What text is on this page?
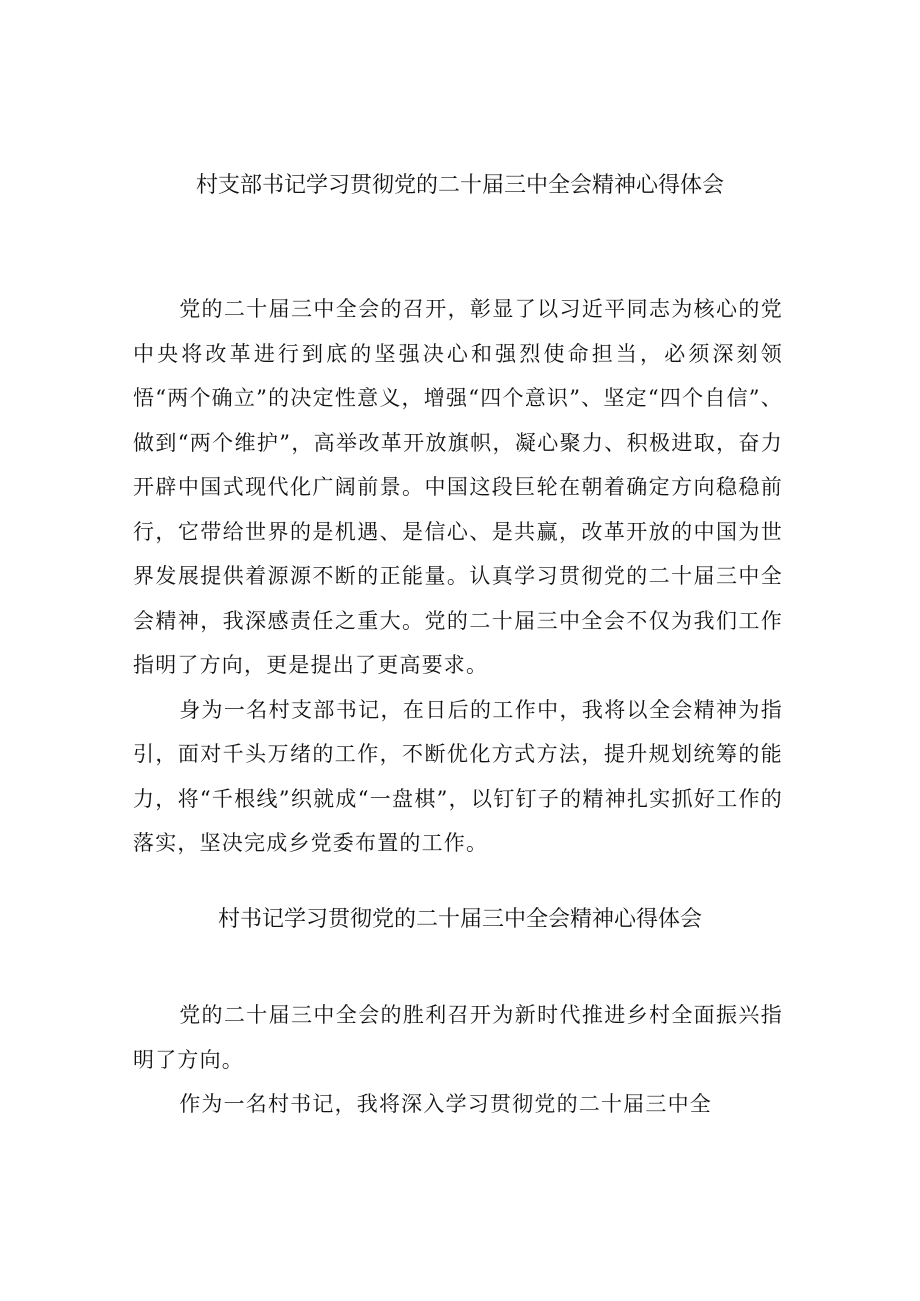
村支部书记学习贯彻党的二十届三中全会精神心得体会

党的二十届三中全会的召开，彰显了以习近平同志为核心的党中央将改革进行到底的坚强决心和强烈使命担当，必须深刻领悟“两个确立”的决定性意义，增强“四个意识”、坚定“四个自信”、做到“两个维护”，高举改革开放旗帜，凝心聚力、积极进取，奋力开辟中国式现代化广阔前景。中国这段巨轮在朝着确定方向稳稳前行，它带给世界的是机遇、是信心、是共赢，改革开放的中国为世界发展提供着源源不断的正能量。认真学习贯彻党的二十届三中全会精神，我深感责任之重大。党的二十届三中全会不仅为我们工作指明了方向，更是提出了更高要求。

身为一名村支部书记，在日后的工作中，我将以全会精神为指引，面对千头万绪的工作，不断优化方式方法，提升规划统筹的能力，将“千根线”织就成“一盘棋”，以钉钉子的精神扎实抓好工作的落实，坚决完成乡党委布置的工作。

村书记学习贯彻党的二十届三中全会精神心得体会

党的二十届三中全会的胜利召开为新时代推进乡村全面振兴指明了方向。

作为一名村书记，我将深入学习贯彻党的二十届三中全
